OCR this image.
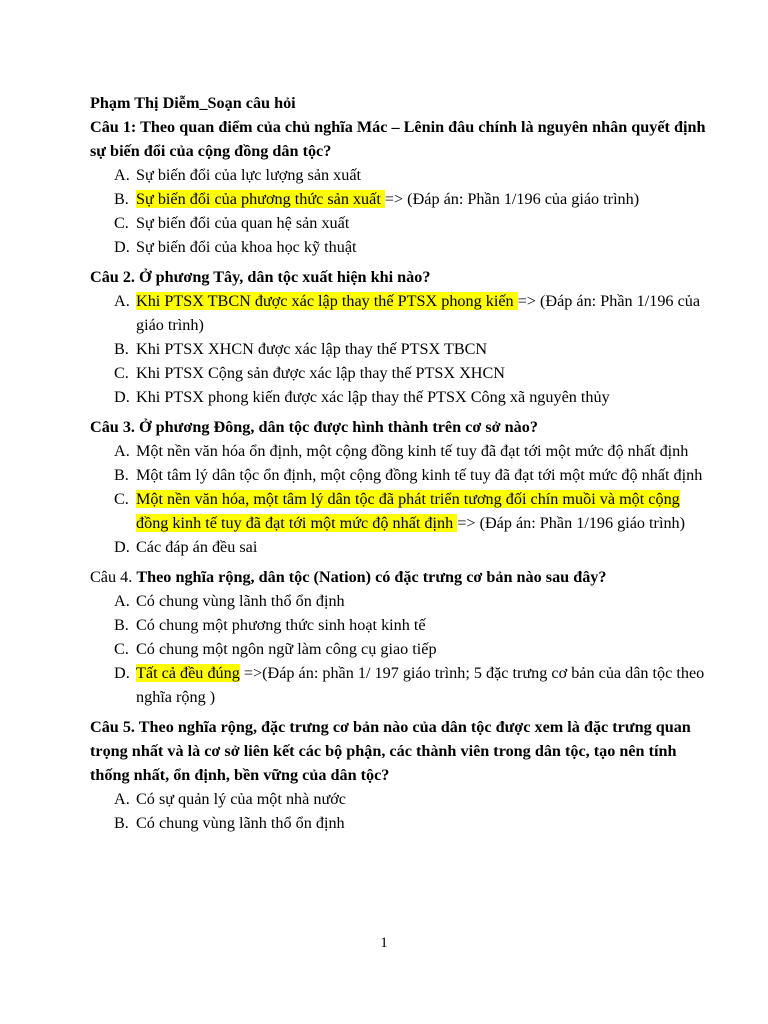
Phạm Thị Diễm_Soạn câu hỏi
Câu 1: Theo quan điểm của chủ nghĩa Mác – Lênin đâu chính là nguyên nhân quyết định sự biến đổi của cộng đồng dân tộc?
A. Sự biến đổi của lực lượng sản xuất
B. Sự biến đổi của phương thức sản xuất => (Đáp án: Phần 1/196 của giáo trình)
C. Sự biến đổi của quan hệ sản xuất
D. Sự biến đổi của khoa học kỹ thuật
Câu 2. Ở phương Tây, dân tộc xuất hiện khi nào?
A. Khi PTSX TBCN được xác lập thay thế PTSX phong kiến => (Đáp án: Phần 1/196 của giáo trình)
B. Khi PTSX XHCN được xác lập thay thế PTSX TBCN
C. Khi PTSX Cộng sản được xác lập thay thế PTSX XHCN
D. Khi PTSX phong kiến được xác lập thay thế PTSX Công xã nguyên thủy
Câu 3. Ở phương Đông, dân tộc được hình thành trên cơ sở nào?
A. Một nền văn hóa ổn định, một cộng đồng kinh tế tuy đã đạt tới một mức độ nhất định
B. Một tâm lý dân tộc ổn định, một cộng đồng kinh tế tuy đã đạt tới một mức độ nhất định
C. Một nền văn hóa, một tâm lý dân tộc đã phát triển tương đối chín muồi và một cộng đồng kinh tế tuy đã đạt tới một mức độ nhất định => (Đáp án: Phần 1/196 giáo trình)
D. Các đáp án đều sai
Câu 4. Theo nghĩa rộng, dân tộc (Nation) có đặc trưng cơ bản nào sau đây?
A. Có chung vùng lãnh thổ ổn định
B. Có chung một phương thức sinh hoạt kinh tế
C. Có chung một ngôn ngữ làm công cụ giao tiếp
D. Tất cả đều đúng =>(Đáp án: phần 1/ 197 giáo trình; 5 đặc trưng cơ bản của dân tộc theo nghĩa rộng )
Câu 5. Theo nghĩa rộng, đặc trưng cơ bản nào của dân tộc được xem là đặc trưng quan trọng nhất và là cơ sở liên kết các bộ phận, các thành viên trong dân tộc, tạo nên tính thống nhất, ổn định, bền vững của dân tộc?
A. Có sự quản lý của một nhà nước
B. Có chung vùng lãnh thổ ổn định
1
